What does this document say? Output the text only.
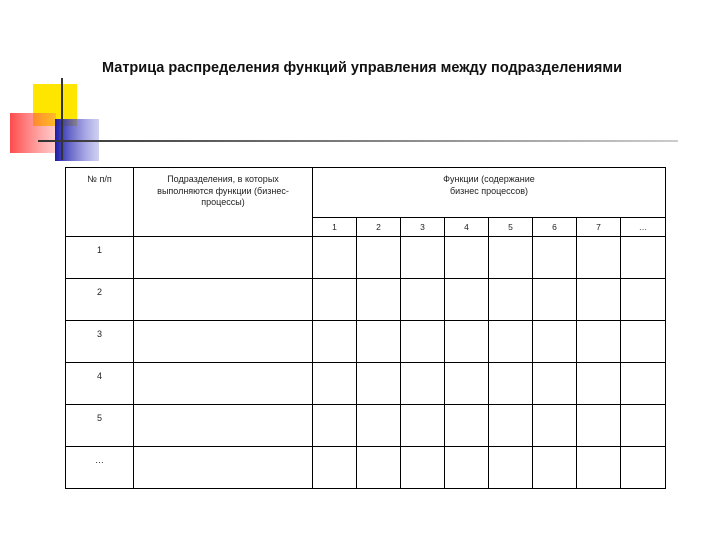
Матрица распределения функций управления между подразделениями
№ п/п	Подразделения, в которых выполняются функции (бизнес-процессы)	Функции (содержание бизнес процессов)							
		1	2	3	4	5	6	7	…
1									
2									
3									
4									
5									
…									
